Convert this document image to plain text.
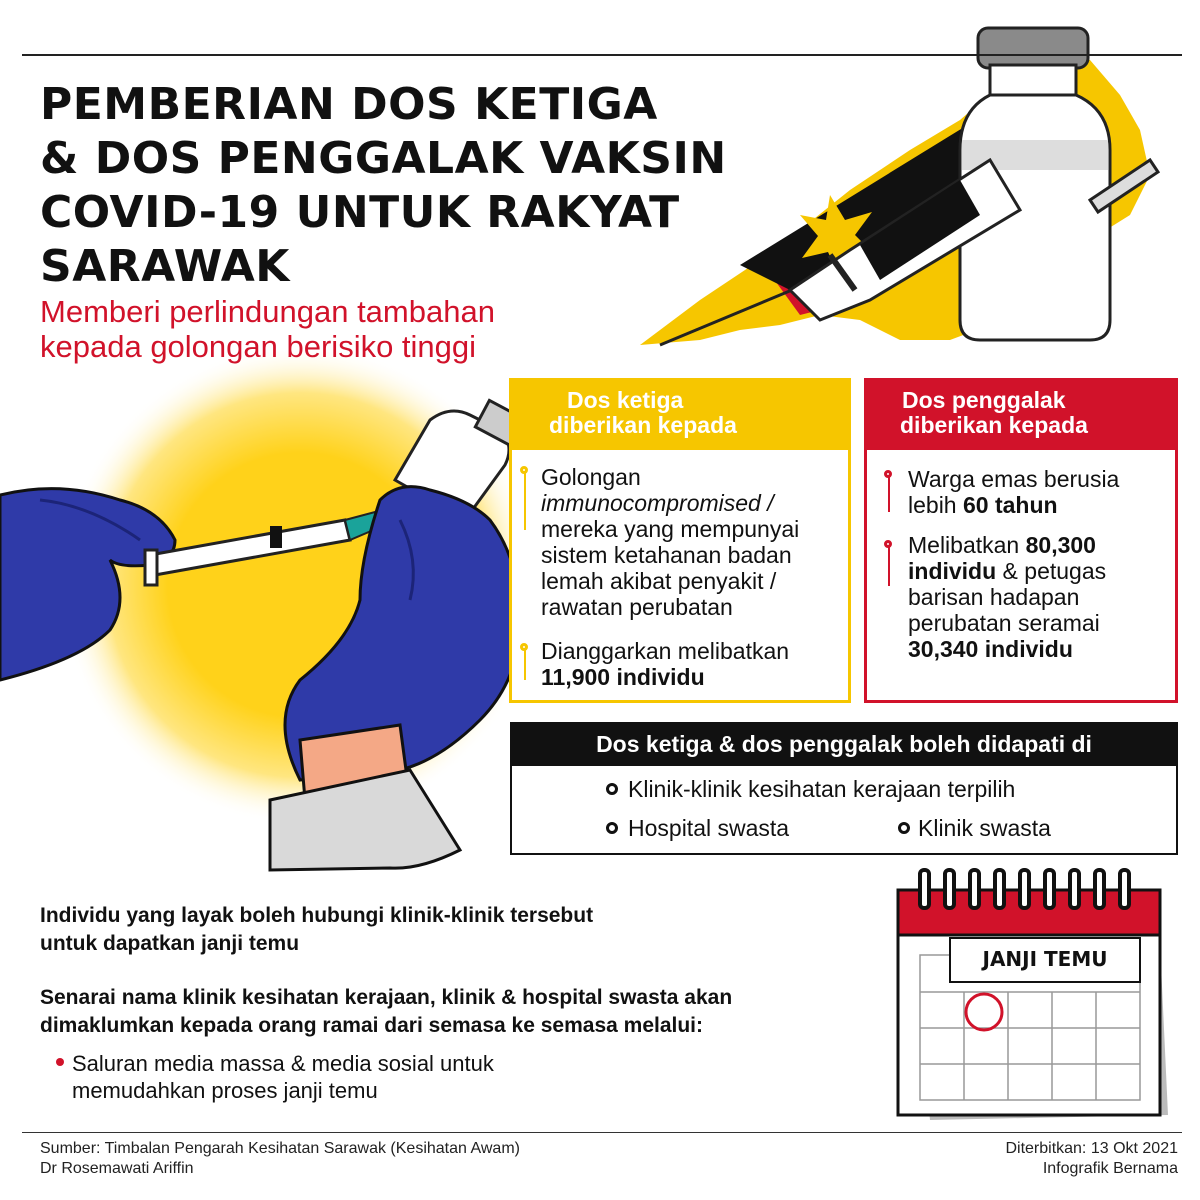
JANJI TEMU
PEMBERIAN DOS KETIGA
& DOS PENGGALAK VAKSIN
COVID-19 UNTUK RAKYAT
SARAWAK
Memberi perlindungan tambahan
kepada golongan berisiko tinggi
Dos ketiga
diberikan kepada
Golongan
immunocompromised /
mereka yang mempunyai
sistem ketahanan badan
lemah akibat penyakit /
rawatan perubatan
Dianggarkan melibatkan
11,900 individu
Dos penggalak
diberikan kepada
Warga emas berusia
lebih 60 tahun
Melibatkan 80,300
individu & petugas
barisan hadapan
perubatan seramai
30,340 individu
Dos ketiga & dos penggalak boleh didapati di
Klinik-klinik kesihatan kerajaan terpilih
Hospital swasta	Klinik swasta
Individu yang layak boleh hubungi klinik-klinik tersebut
untuk dapatkan janji temu
Senarai nama klinik kesihatan kerajaan, klinik & hospital swasta akan
dimaklumkan kepada orang ramai dari semasa ke semasa melalui:
Saluran media massa & media sosial untuk
memudahkan proses janji temu
Sumber: Timbalan Pengarah Kesihatan Sarawak (Kesihatan Awam)
Dr Rosemawati Ariffin
Diterbitkan: 13 Okt 2021
Infografik Bernama
